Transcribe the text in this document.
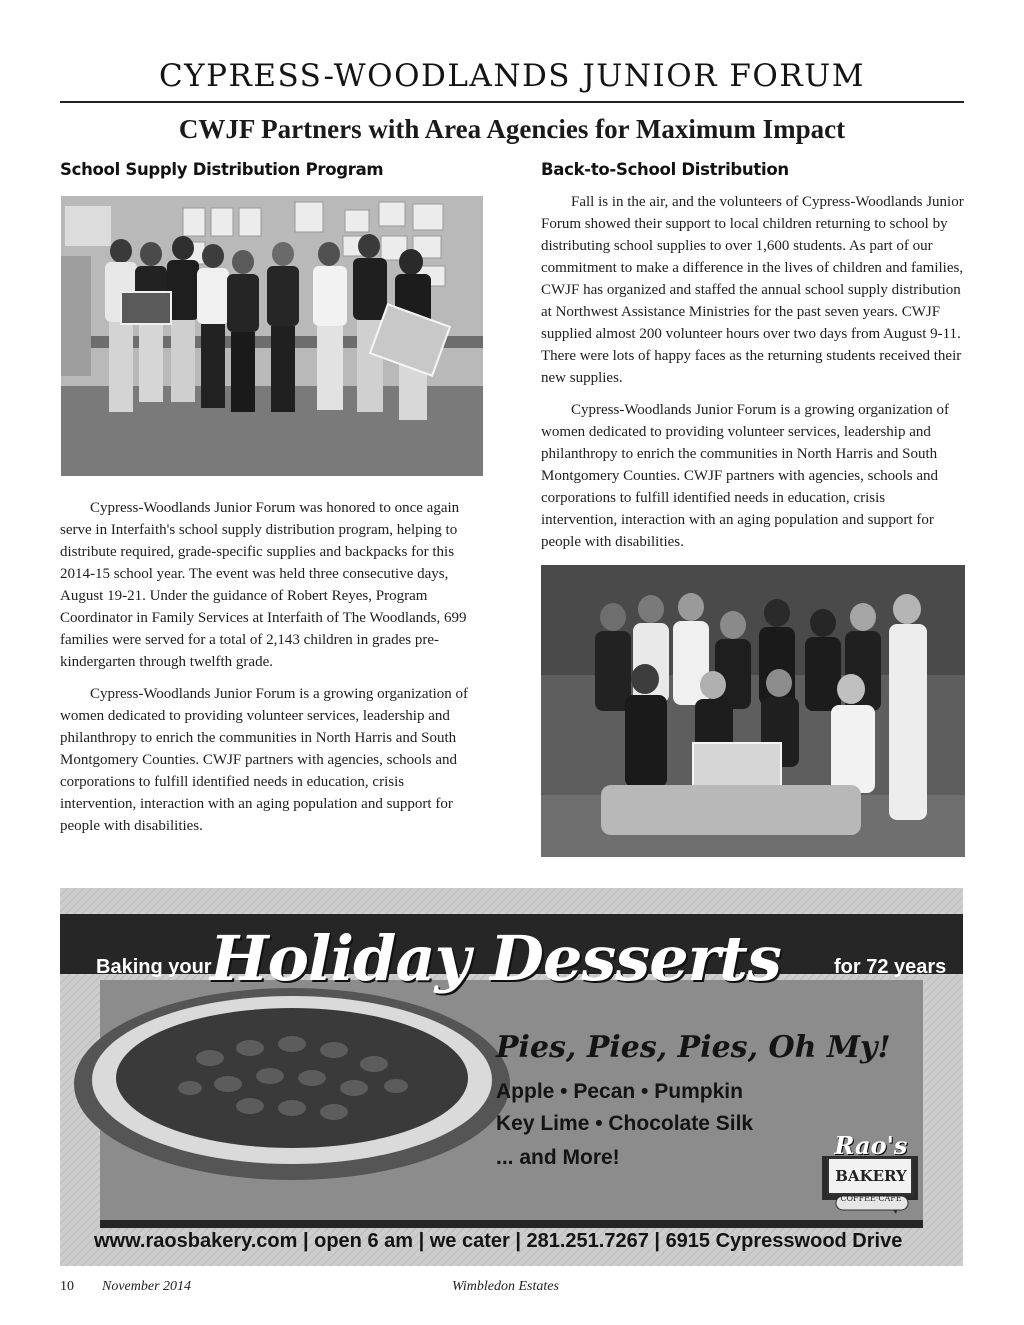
CYPRESS-WOODLANDS JUNIOR FORUM
CWJF Partners with Area Agencies for Maximum Impact
School Supply Distribution Program

Cypress-Woodlands Junior Forum was honored to once again serve in Interfaith's school supply distribution program, helping to distribute required, grade-specific supplies and backpacks for this 2014-15 school year. The event was held three consecutive days, August 19-21. Under the guidance of Robert Reyes, Program Coordinator in Family Services at Interfaith of The Woodlands, 699 families were served for a total of 2,143 children in grades pre-kindergarten through twelfth grade.

Cypress-Woodlands Junior Forum is a growing organization of women dedicated to providing volunteer services, leadership and philanthropy to enrich the communities in North Harris and South Montgomery Counties. CWJF partners with agencies, schools and corporations to fulfill identified needs in education, crisis intervention, interaction with an aging population and support for people with disabilities.

Back-to-School Distribution

Fall is in the air, and the volunteers of Cypress-Woodlands Junior Forum showed their support to local children returning to school by distributing school supplies to over 1,600 students. As part of our commitment to make a difference in the lives of children and families, CWJF has organized and staffed the annual school supply distribution at Northwest Assistance Ministries for the past seven years. CWJF supplied almost 200 volunteer hours over two days from August 9-11. There were lots of happy faces as the returning students received their new supplies.

Cypress-Woodlands Junior Forum is a growing organization of women dedicated to providing volunteer services, leadership and philanthropy to enrich the communities in North Harris and South Montgomery Counties. CWJF partners with agencies, schools and corporations to fulfill identified needs in education, crisis intervention, interaction with an aging population and support for people with disabilities.

Baking your
Holiday Desserts	for 72 years
Pies, Pies, Pies, Oh My!
Apple • Pecan • Pumpkin
Key Lime • Chocolate Silk
... and More!	Rao's
BAKERY
COFFEE·CAFE
www.raosbakery.com | open 6 am | we cater | 281.251.7267 | 6915 Cypresswood Drive
10 November 2014	Wimbledon Estates
